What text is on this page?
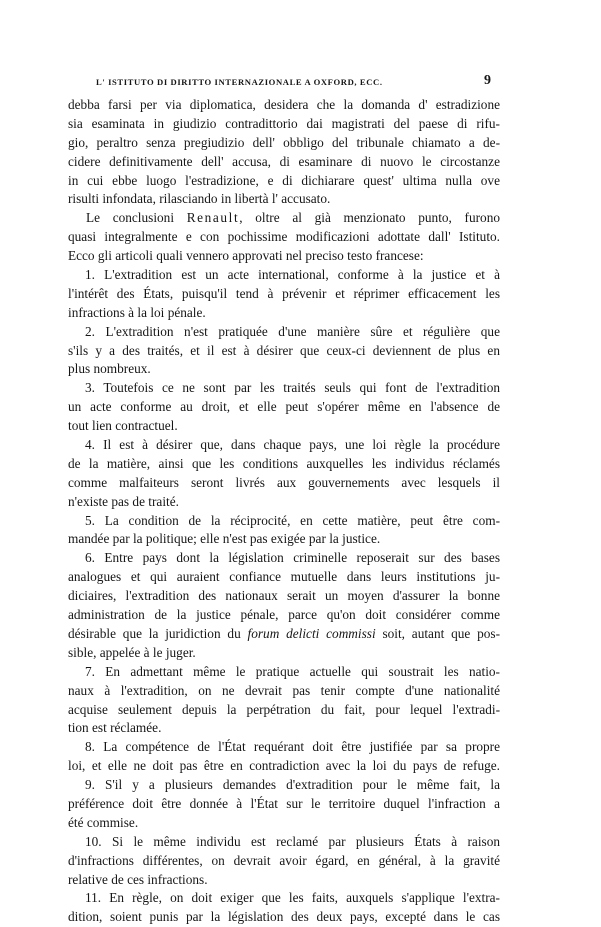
L' ISTITUTO DI DIRITTO INTERNAZIONALE A OXFORD, ECC.	9
debba farsi per via diplomatica, desidera che la domanda d' estradizione
sia esaminata in giudizio contradittorio dai magistrati del paese di rifu-
gio, peraltro senza pregiudizio dell' obbligo del tribunale chiamato a de-
cidere definitivamente dell' accusa, di esaminare di nuovo le circostanze
in cui ebbe luogo l'estradizione, e di dichiarare quest' ultima nulla ove
risulti infondata, rilasciando in libertà l' accusato.
Le conclusioni Renault, oltre al già menzionato punto, furono
quasi integralmente e con pochissime modificazioni adottate dall' Istituto.
Ecco gli articoli quali vennero approvati nel preciso testo francese:
1. L'extradition est un acte international, conforme à la justice et à
l'intérêt des États, puisqu'il tend à prévenir et réprimer efficacement les
infractions à la loi pénale.
2. L'extradition n'est pratiquée d'une manière sûre et régulière que
s'ils y a des traités, et il est à désirer que ceux-ci deviennent de plus en
plus nombreux.
3. Toutefois ce ne sont par les traités seuls qui font de l'extradition
un acte conforme au droit, et elle peut s'opérer même en l'absence de
tout lien contractuel.
4. Il est à désirer que, dans chaque pays, une loi règle la procédure
de la matière, ainsi que les conditions auxquelles les individus réclamés
comme malfaiteurs seront livrés aux gouvernements avec lesquels il
n'existe pas de traité.
5. La condition de la réciprocité, en cette matière, peut être com-
mandée par la politique; elle n'est pas exigée par la justice.
6. Entre pays dont la législation criminelle reposerait sur des bases
analogues et qui auraient confiance mutuelle dans leurs institutions ju-
diciaires, l'extradition des nationaux serait un moyen d'assurer la bonne
administration de la justice pénale, parce qu'on doit considérer comme
désirable que la juridiction du forum delicti commissi soit, autant que pos-
sible, appelée à le juger.
7. En admettant même le pratique actuelle qui soustrait les natio-
naux à l'extradition, on ne devrait pas tenir compte d'une nationalité
acquise seulement depuis la perpétration du fait, pour lequel l'extradi-
tion est réclamée.
8. La compétence de l'État requérant doit être justifiée par sa propre
loi, et elle ne doit pas être en contradiction avec la loi du pays de refuge.
9. S'il y a plusieurs demandes d'extradition pour le même fait, la
préférence doit être donnée à l'État sur le territoire duquel l'infraction a
été commise.
10. Si le même individu est reclamé par plusieurs États à raison
d'infractions différentes, on devrait avoir égard, en général, à la gravité
relative de ces infractions.
11. En règle, on doit exiger que les faits, auxquels s'applique l'extra-
dition, soient punis par la législation des deux pays, excepté dans le cas
